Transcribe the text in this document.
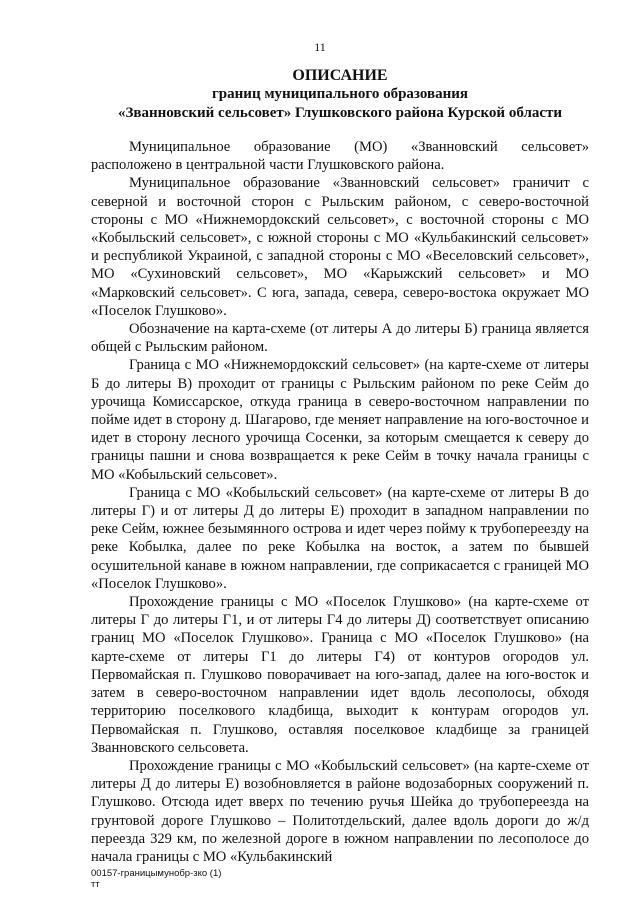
11
ОПИСАНИЕ
границ муниципального образования
«Званновский сельсовет» Глушковского района Курской области

Муниципальное образование (МО) «Званновский сельсовет» расположено в центральной части Глушковского района.

Муниципальное образование «Званновский сельсовет» граничит с северной и восточной сторон с Рыльским районом, с северо-восточной стороны с МО «Нижнемордокский сельсовет», с восточной стороны с МО «Кобыльский сельсовет», с южной стороны с МО «Кульбакинский сельсовет» и республикой Украиной, с западной стороны с МО «Веселовский сельсовет», МО «Сухиновский сельсовет», МО «Карыжский сельсовет» и МО «Марковский сельсовет». С юга, запада, севера, северо-востока окружает МО «Поселок Глушково».

Обозначение на карта-схеме (от литеры А до литеры Б) граница является общей с Рыльским районом.

Граница с МО «Нижнемордокский сельсовет» (на карте-схеме от литеры Б до литеры В) проходит от границы с Рыльским районом по реке Сейм до урочища Комиссарское, откуда граница в северо-восточном направлении по пойме идет в сторону д. Шагарово, где меняет направление на юго-восточное и идет в сторону лесного урочища Сосенки, за которым смещается к северу до границы пашни и снова возвращается к реке Сейм в точку начала границы с МО «Кобыльский сельсовет».

Граница с МО «Кобыльский сельсовет» (на карте-схеме от литеры В до литеры Г) и от литеры Д до литеры Е) проходит в западном направлении по реке Сейм, южнее безымянного острова и идет через пойму к трубопереезду на реке Кобылка, далее по реке Кобылка на восток, а затем по бывшей осушительной канаве в южном направлении, где соприкасается с границей МО «Поселок Глушково».

Прохождение границы с МО «Поселок Глушково» (на карте-схеме от литеры Г до литеры Г1, и от литеры Г4 до литеры Д) соответствует описанию границ МО «Поселок Глушково». Граница с МО «Поселок Глушково» (на карте-схеме от литеры Г1 до литеры Г4) от контуров огородов ул. Первомайская п. Глушково поворачивает на юго-запад, далее на юго-восток и затем в северо-восточном направлении идет вдоль лесополосы, обходя территорию поселкового кладбища, выходит к контурам огородов ул. Первомайская п. Глушково, оставляя поселковое кладбище за границей Званновского сельсовета.

Прохождение границы с МО «Кобыльский сельсовет» (на карте-схеме от литеры Д до литеры Е) возобновляется в районе водозаборных сооружений п. Глушково. Отсюда идет вверх по течению ручья Шейка до трубопереезда на грунтовой дороге Глушково – Политотдельский, далее вдоль дороги до ж/д переезда 329 км, по железной дороге в южном направлении по лесополосе до начала границы с МО «Кульбакинский

00157-границымунобр-зко (1)
тт
